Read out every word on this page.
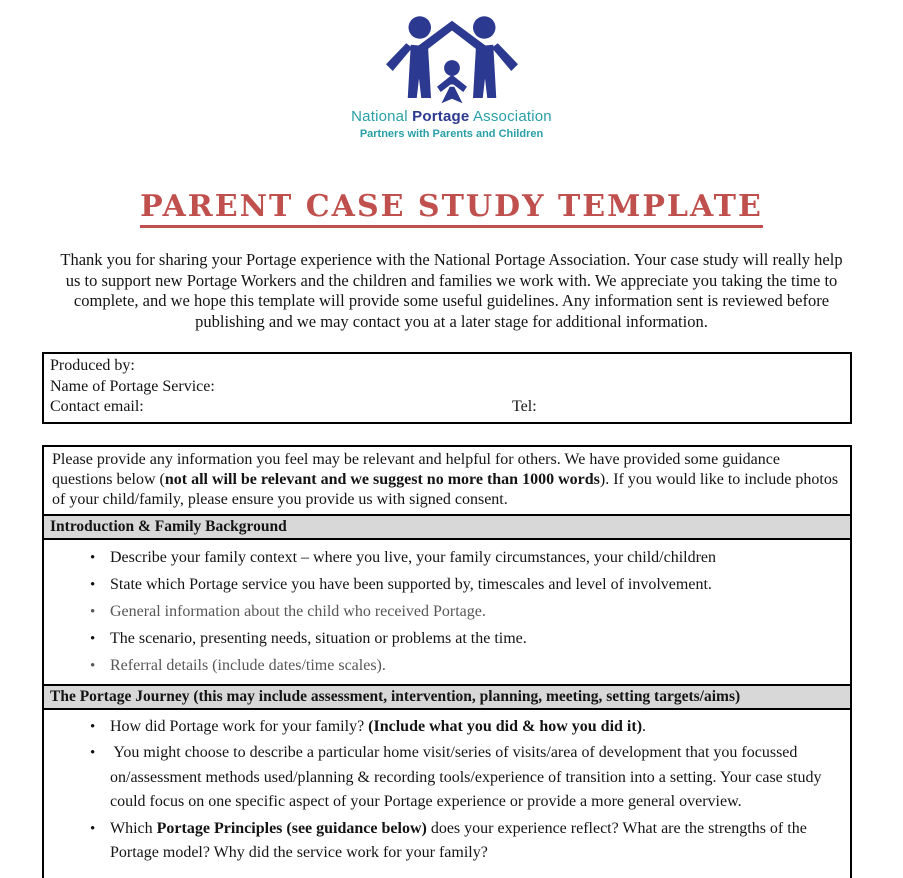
National Portage Association
Partners with Parents and Children
PARENT CASE STUDY TEMPLATE

Thank you for sharing your Portage experience with the National Portage Association. Your case study will really help us to support new Portage Workers and the children and families we work with. We appreciate you taking the time to complete, and we hope this template will provide some useful guidelines. Any information sent is reviewed before publishing and we may contact you at a later stage for additional information.

Produced by:
Name of Portage Service:
Contact email:	Tel:

Please provide any information you feel may be relevant and helpful for others. We have provided some guidance questions below (not all will be relevant and we suggest no more than 1000 words). If you would like to include photos of your child/family, please ensure you provide us with signed consent.

Introduction & Family Background
• Describe your family context – where you live, your family circumstances, your child/children
• State which Portage service you have been supported by, timescales and level of involvement.
• General information about the child who received Portage.
• The scenario, presenting needs, situation or problems at the time.
• Referral details (include dates/time scales).
The Portage Journey (this may include assessment, intervention, planning, meeting, setting targets/aims)
• How did Portage work for your family? (Include what you did & how you did it).
• You might choose to describe a particular home visit/series of visits/area of development that you focussed on/assessment methods used/planning & recording tools/experience of transition into a setting. Your case study could focus on one specific aspect of your Portage experience or provide a more general overview.
• Which Portage Principles (see guidance below) does your experience reflect? What are the strengths of the Portage model? Why did the service work for your family?
